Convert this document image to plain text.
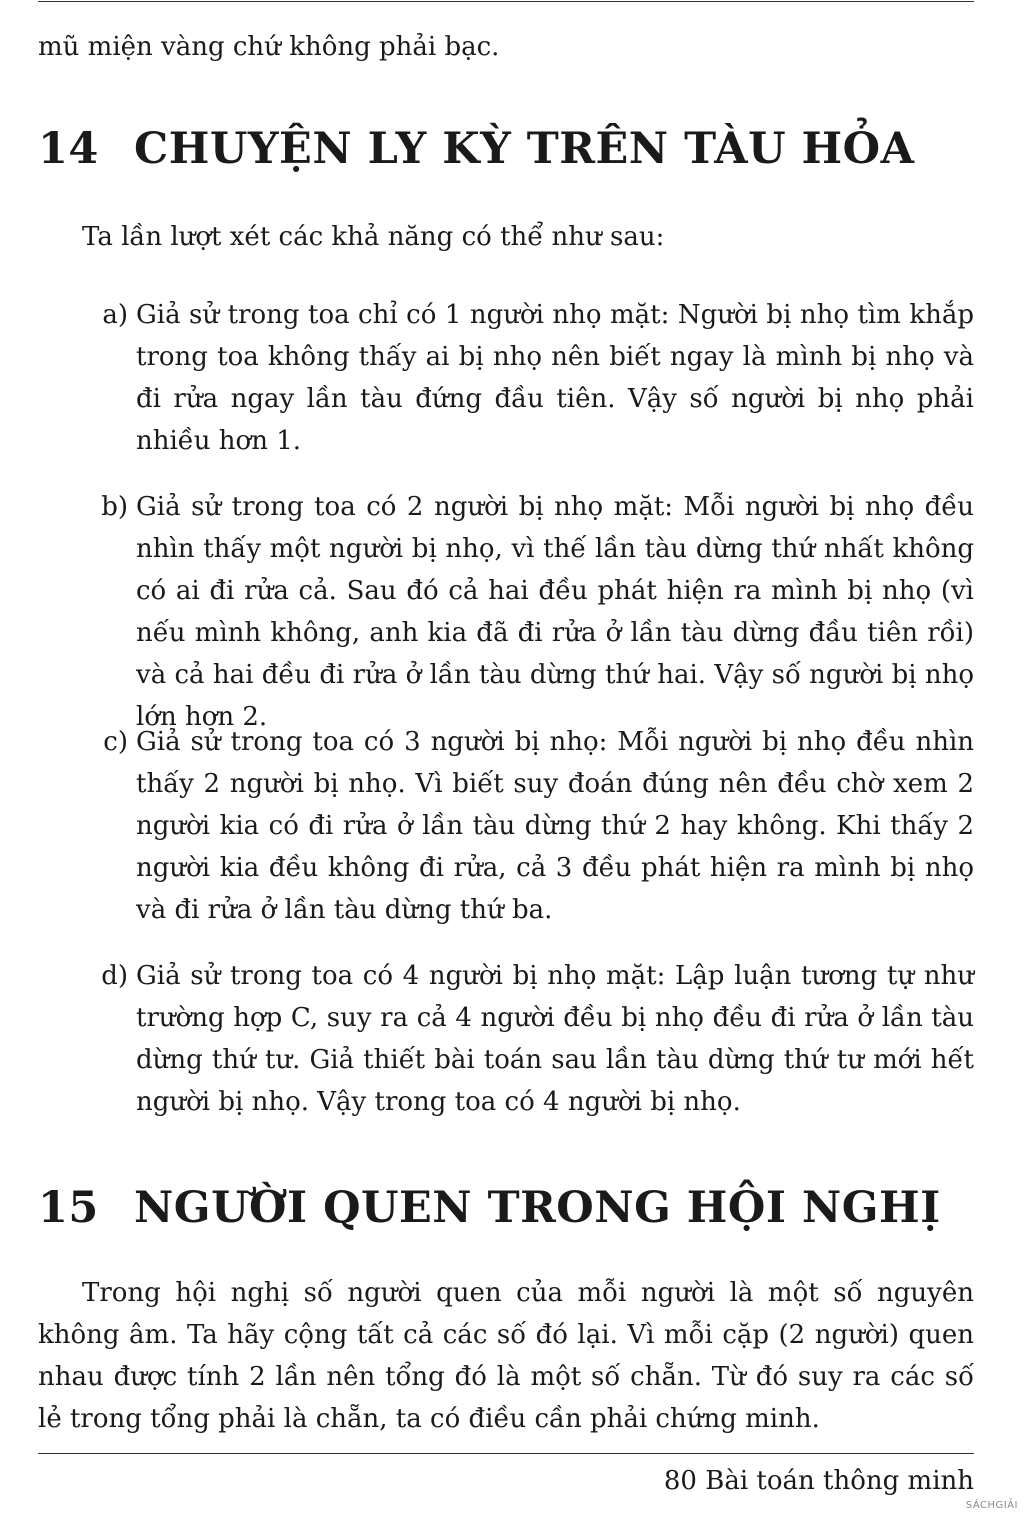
mũ miện vàng chứ không phải bạc.
14 CHUYỆN LY KỲ TRÊN TÀU HỎA
Ta lần lượt xét các khả năng có thể như sau:
a) Giả sử trong toa chỉ có 1 người nhọ mặt: Người bị nhọ tìm khắp trong toa không thấy ai bị nhọ nên biết ngay là mình bị nhọ và đi rửa ngay lần tàu đứng đầu tiên. Vậy số người bị nhọ phải nhiều hơn 1.
b) Giả sử trong toa có 2 người bị nhọ mặt: Mỗi người bị nhọ đều nhìn thấy một người bị nhọ, vì thế lần tàu dừng thứ nhất không có ai đi rửa cả. Sau đó cả hai đều phát hiện ra mình bị nhọ (vì nếu mình không, anh kia đã đi rửa ở lần tàu dừng đầu tiên rồi) và cả hai đều đi rửa ở lần tàu dừng thứ hai. Vậy số người bị nhọ lớn hơn 2.
c) Giả sử trong toa có 3 người bị nhọ: Mỗi người bị nhọ đều nhìn thấy 2 người bị nhọ. Vì biết suy đoán đúng nên đều chờ xem 2 người kia có đi rửa ở lần tàu dừng thứ 2 hay không. Khi thấy 2 người kia đều không đi rửa, cả 3 đều phát hiện ra mình bị nhọ và đi rửa ở lần tàu dừng thứ ba.
d) Giả sử trong toa có 4 người bị nhọ mặt: Lập luận tương tự như trường hợp C, suy ra cả 4 người đều bị nhọ đều đi rửa ở lần tàu dừng thứ tư. Giả thiết bài toán sau lần tàu dừng thứ tư mới hết người bị nhọ. Vậy trong toa có 4 người bị nhọ.
15 NGƯỜI QUEN TRONG HỘI NGHỊ
Trong hội nghị số người quen của mỗi người là một số nguyên không âm. Ta hãy cộng tất cả các số đó lại. Vì mỗi cặp (2 người) quen nhau được tính 2 lần nên tổng đó là một số chẵn. Từ đó suy ra các số lẻ trong tổng phải là chẵn, ta có điều cần phải chứng minh.
80 Bài toán thông minh
SÁCHGIẢI
